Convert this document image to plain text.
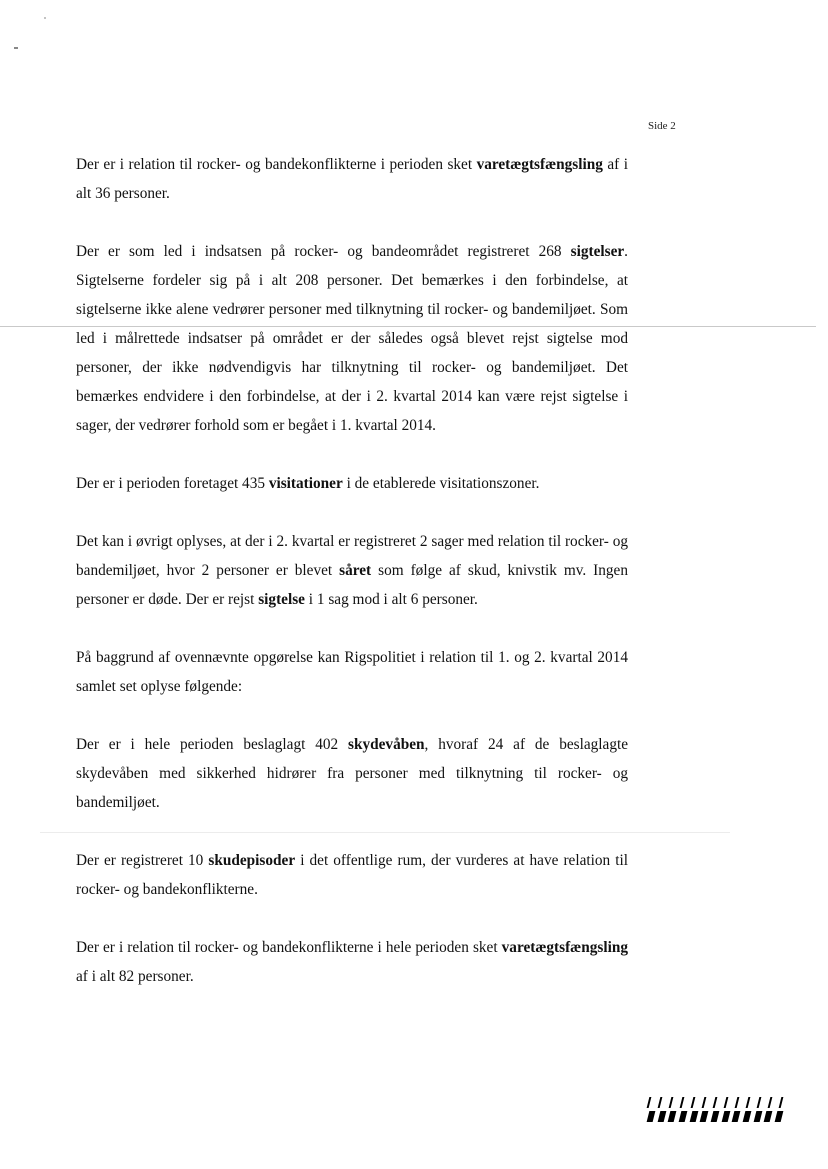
Side 2

Der er i relation til rocker- og bandekonflikterne i perioden sket varetægtsfængsling af i alt 36 personer.

Der er som led i indsatsen på rocker- og bandeområdet registreret 268 sigtelser. Sigtelserne fordeler sig på i alt 208 personer. Det bemærkes i den forbindelse, at sigtelserne ikke alene vedrører personer med tilknytning til rocker- og bandemiljøet. Som led i målrettede indsatser på området er der således også blevet rejst sigtelse mod personer, der ikke nødvendigvis har tilknytning til rocker- og bandemiljøet. Det bemærkes endvidere i den forbindelse, at der i 2. kvartal 2014 kan være rejst sigtelse i sager, der vedrører forhold som er begået i 1. kvartal 2014.

Der er i perioden foretaget 435 visitationer i de etablerede visitationszoner.

Det kan i øvrigt oplyses, at der i 2. kvartal er registreret 2 sager med relation til rocker- og bandemiljøet, hvor 2 personer er blevet såret som følge af skud, knivstik mv. Ingen personer er døde. Der er rejst sigtelse i 1 sag mod i alt 6 personer.

På baggrund af ovennævnte opgørelse kan Rigspolitiet i relation til 1. og 2. kvartal 2014 samlet set oplyse følgende:

Der er i hele perioden beslaglagt 402 skydevåben, hvoraf 24 af de beslaglagte skydevåben med sikkerhed hidrører fra personer med tilknytning til rocker- og bandemiljøet.

Der er registreret 10 skudepisoder i det offentlige rum, der vurderes at have relation til rocker- og bandekonflikterne.

Der er i relation til rocker- og bandekonflikterne i hele perioden sket varetægtsfængsling af i alt 82 personer.
